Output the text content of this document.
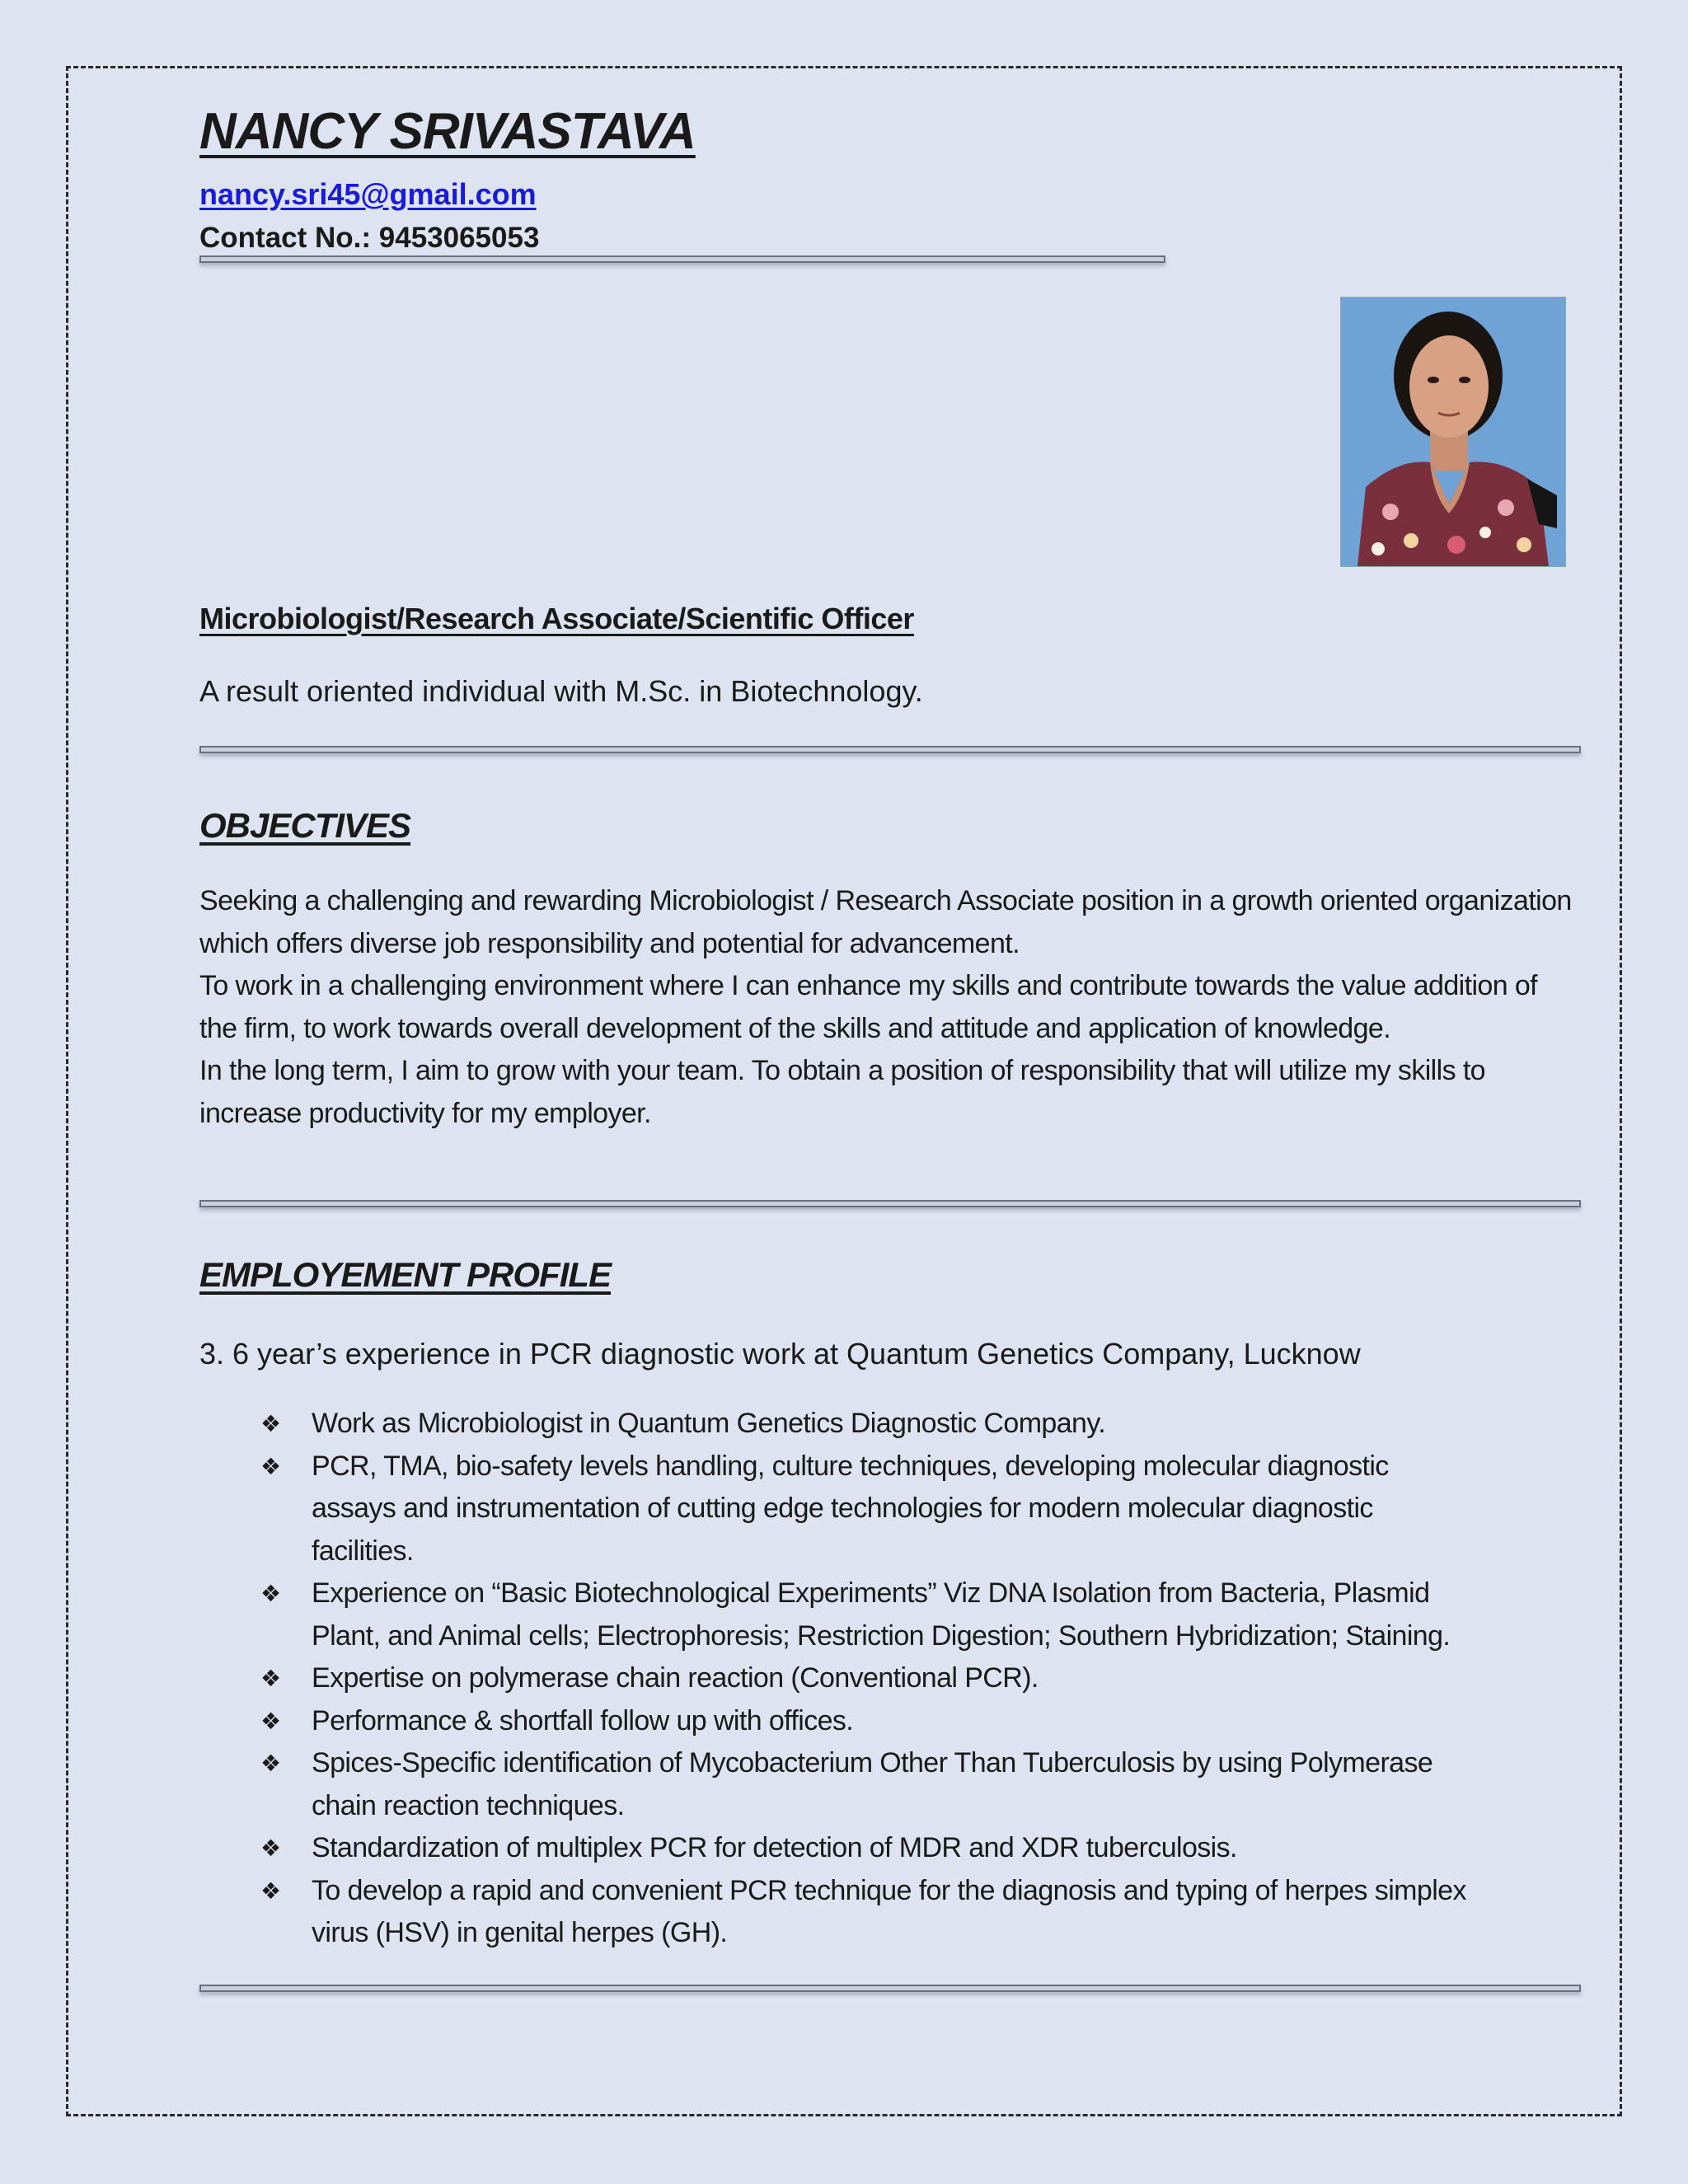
NANCY SRIVASTAVA
nancy.sri45@gmail.com
Contact No.: 9453065053
Microbiologist/Research Associate/Scientific Officer

A result oriented individual with M.Sc. in Biotechnology.

OBJECTIVES

Seeking a challenging and rewarding Microbiologist / Research Associate position in a growth oriented organization which offers diverse job responsibility and potential for advancement.

To work in a challenging environment where I can enhance my skills and contribute towards the value addition of the firm, to work towards overall development of the skills and attitude and application of knowledge.

In the long term, I aim to grow with your team. To obtain a position of responsibility that will utilize my skills to increase productivity for my employer.

EMPLOYEMENT PROFILE

3. 6 year’s experience in PCR diagnostic work at Quantum Genetics Company, Lucknow

❖ Work as Microbiologist in Quantum Genetics Diagnostic Company.
❖ PCR, TMA, bio-safety levels handling, culture techniques, developing molecular diagnostic assays and instrumentation of cutting edge technologies for modern molecular diagnostic facilities.
❖ Experience on “Basic Biotechnological Experiments” Viz DNA Isolation from Bacteria, Plasmid Plant, and Animal cells; Electrophoresis; Restriction Digestion; Southern Hybridization; Staining.
❖ Expertise on polymerase chain reaction (Conventional PCR).
❖ Performance & shortfall follow up with offices.
❖ Spices-Specific identification of Mycobacterium Other Than Tuberculosis by using Polymerase chain reaction techniques.
❖ Standardization of multiplex PCR for detection of MDR and XDR tuberculosis.
❖ To develop a rapid and convenient PCR technique for the diagnosis and typing of herpes simplex virus (HSV) in genital herpes (GH).
